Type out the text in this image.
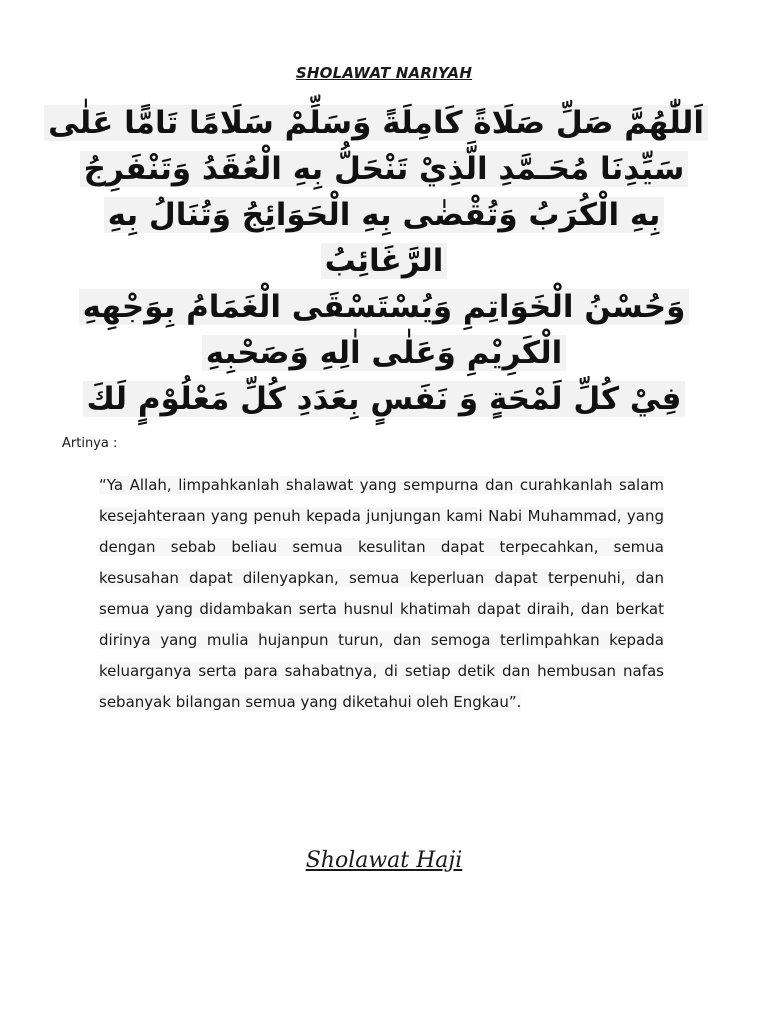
SHOLAWAT NARIYAH
اَللّٰهُمَّ صَلِّ صَلَاةً كَامِلَةً وَسَلِّمْ سَلَامًا تَامًّا عَلٰى
سَيِّدِنَا مُحَـمَّدِ الَّذِيْ تَنْحَلُّ بِهِ الْعُقَدُ وَتَنْفَرِجُ
بِهِ الْكُرَبُ وَتُقْضٰى بِهِ الْحَوَائِجُ وَتُنَالُ بِهِ
الرَّغَائِبُ
وَحُسْنُ الْخَوَاتِمِ وَيُسْتَسْقَى الْغَمَامُ بِوَجْهِهِ
الْكَرِيْمِ وَعَلٰى اٰلِهِ وَصَحْبِهِ
فِيْ كُلِّ لَمْحَةٍ وَ نَفَسٍ بِعَدَدِ كُلِّ مَعْلُوْمٍ لَكَ
Artinya :
“Ya Allah, limpahkanlah shalawat yang sempurna dan curahkanlah salam kesejahteraan yang penuh kepada junjungan kami Nabi Muhammad, yang dengan sebab beliau semua kesulitan dapat terpecahkan, semua kesusahan dapat dilenyapkan, semua keperluan dapat terpenuhi, dan semua yang didambakan serta husnul khatimah dapat diraih, dan berkat dirinya yang mulia hujanpun turun, dan semoga terlimpahkan kepada keluarganya serta para sahabatnya, di setiap detik dan hembusan nafas sebanyak bilangan semua yang diketahui oleh Engkau”.
Sholawat Haji
